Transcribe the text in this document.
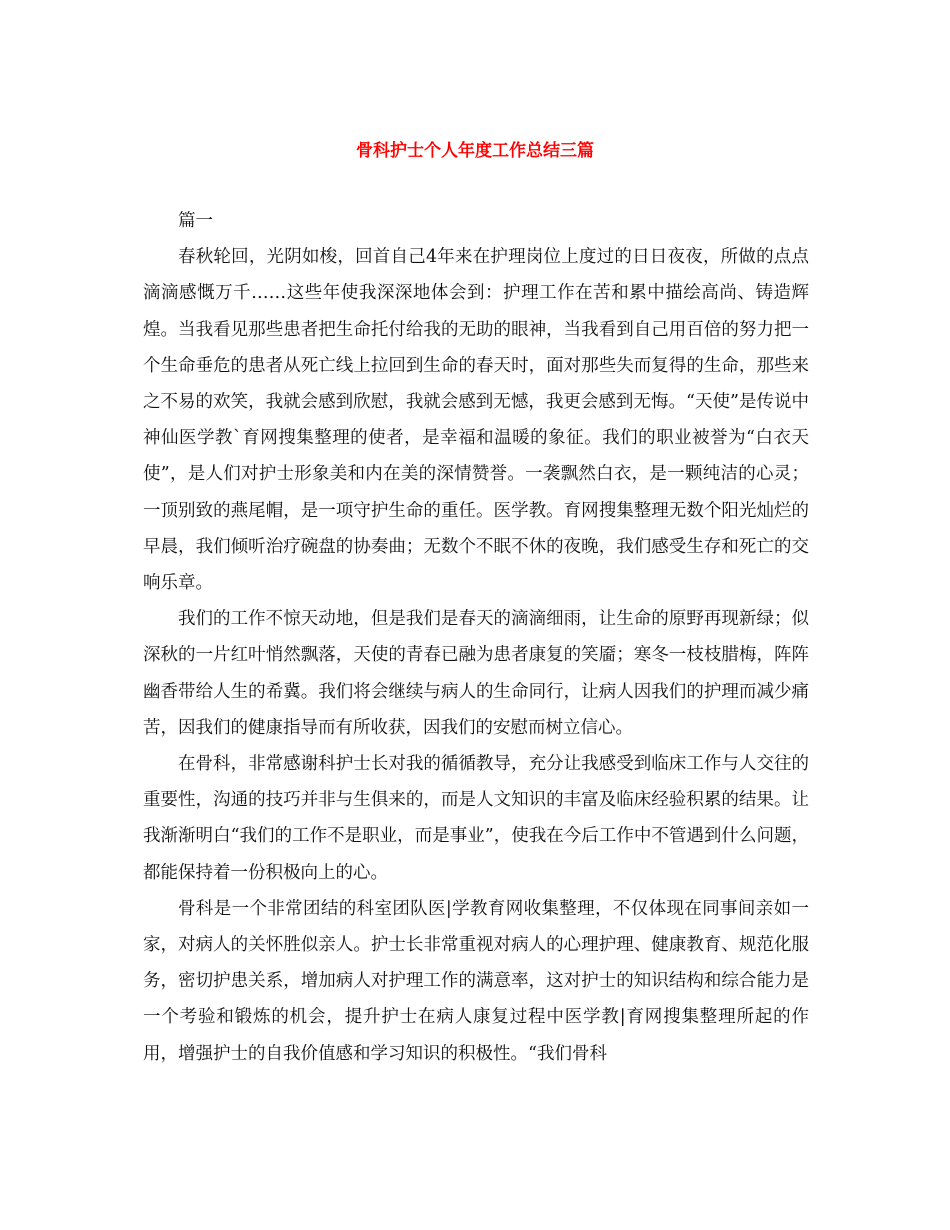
骨科护士个人年度工作总结三篇
篇一

春秋轮回，光阴如梭，回首自己4年来在护理岗位上度过的日日夜夜，所做的点点滴滴感慨万千……这些年使我深深地体会到：护理工作在苦和累中描绘高尚、铸造辉煌。当我看见那些患者把生命托付给我的无助的眼神，当我看到自己用百倍的努力把一个生命垂危的患者从死亡线上拉回到生命的春天时，面对那些失而复得的生命，那些来之不易的欢笑，我就会感到欣慰，我就会感到无憾，我更会感到无悔。“天使”是传说中神仙医学教`育网搜集整理的使者，是幸福和温暖的象征。我们的职业被誉为“白衣天使”，是人们对护士形象美和内在美的深情赞誉。一袭飘然白衣，是一颗纯洁的心灵；一顶别致的燕尾帽，是一项守护生命的重任。医学教。育网搜集整理无数个阳光灿烂的早晨，我们倾听治疗碗盘的协奏曲；无数个不眠不休的夜晚，我们感受生存和死亡的交响乐章。

我们的工作不惊天动地，但是我们是春天的滴滴细雨，让生命的原野再现新绿；似深秋的一片红叶悄然飘落，天使的青春已融为患者康复的笑靥；寒冬一枝枝腊梅，阵阵幽香带给人生的希冀。我们将会继续与病人的生命同行，让病人因我们的护理而减少痛苦，因我们的健康指导而有所收获，因我们的安慰而树立信心。

在骨科，非常感谢科护士长对我的循循教导，充分让我感受到临床工作与人交往的重要性，沟通的技巧并非与生俱来的，而是人文知识的丰富及临床经验积累的结果。让我渐渐明白“我们的工作不是职业，而是事业”，使我在今后工作中不管遇到什么问题，都能保持着一份积极向上的心。

骨科是一个非常团结的科室团队医|学教育网收集整理，不仅体现在同事间亲如一家，对病人的关怀胜似亲人。护士长非常重视对病人的心理护理、健康教育、规范化服务，密切护患关系，增加病人对护理工作的满意率，这对护士的知识结构和综合能力是一个考验和锻炼的机会，提升护士在病人康复过程中医学教|育网搜集整理所起的作用，增强护士的自我价值感和学习知识的积极性。“我们骨科
